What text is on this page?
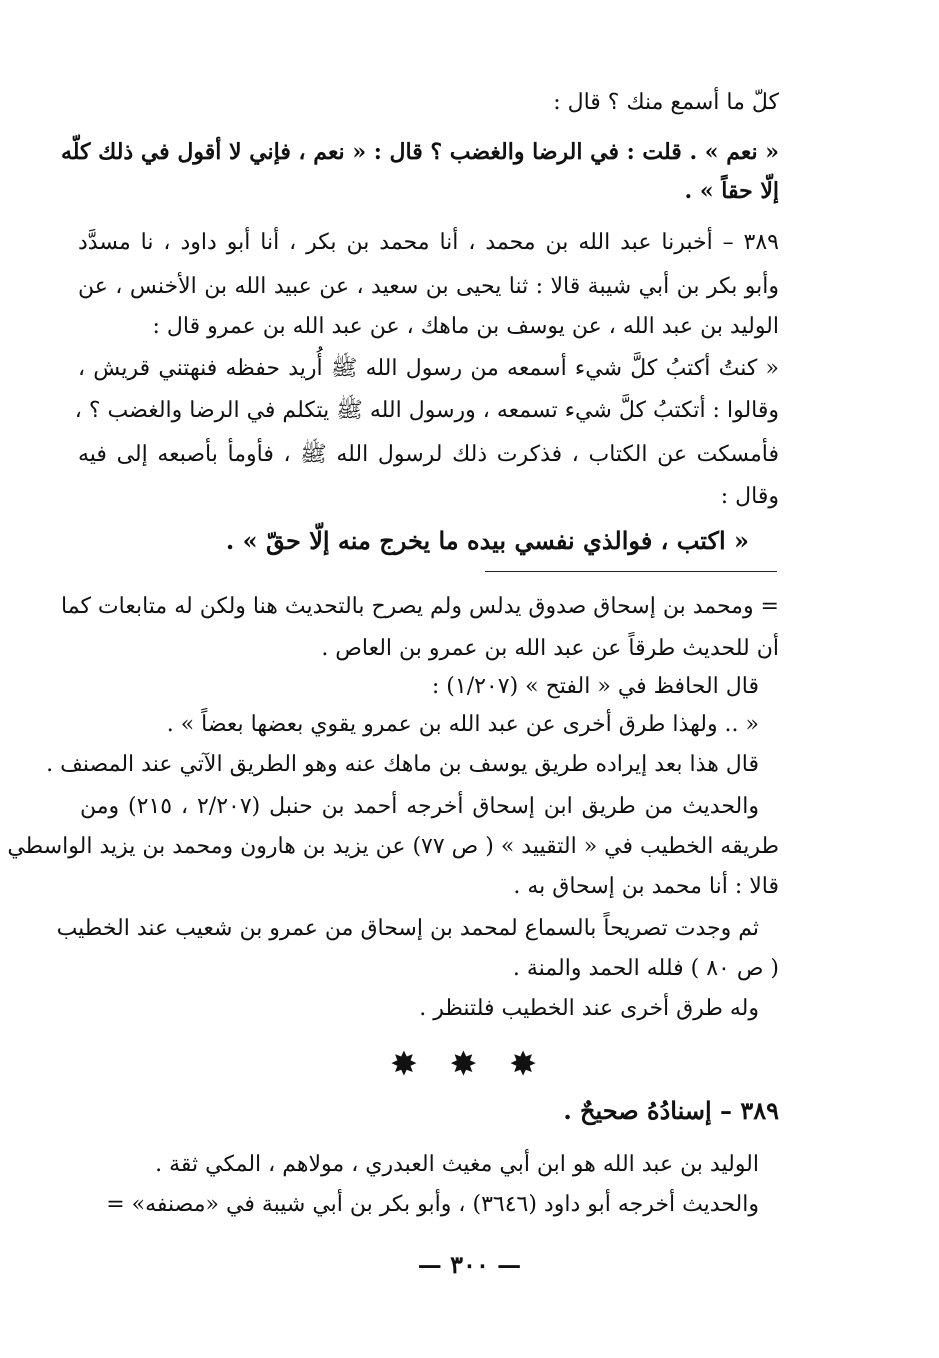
كلّ ما أسمع منك ؟ قال :
« نعم » . قلت : في الرضا والغضب ؟ قال : « نعم ، فإني لا أقول في ذلك كلّه
إلّا حقاً » .
٣٨٩ – أخبرنا عبد الله بن محمد ، أنا محمد بن بكر ، أنا أبو داود ، نا مسدَّد
وأبو بكر بن أبي شيبة قالا : ثنا يحيى بن سعيد ، عن عبيد الله بن الأخنس ، عن
الوليد بن عبد الله ، عن يوسف بن ماهك ، عن عبد الله بن عمرو قال :
« كنتُ أكتبُ كلَّ شيء أسمعه من رسول الله ﷺ أُريد حفظه فنهتني قريش ،
وقالوا : أتكتبُ كلَّ شيء تسمعه ، ورسول الله ﷺ يتكلم في الرضا والغضب ؟ ،
فأمسكت عن الكتاب ، فذكرت ذلك لرسول الله ﷺ ، فأومأ بأصبعه إلى فيه
وقال :
« اكتب ، فوالذي نفسي بيده ما يخرج منه إلّا حقّ » .
= ومحمد بن إسحاق صدوق يدلس ولم يصرح بالتحديث هنا ولكن له متابعات كما
أن للحديث طرقاً عن عبد الله بن عمرو بن العاص .
قال الحافظ في « الفتح » (١/٢٠٧) :
« .. ولهذا طرق أخرى عن عبد الله بن عمرو يقوي بعضها بعضاً » .
قال هذا بعد إيراده طريق يوسف بن ماهك عنه وهو الطريق الآتي عند المصنف .
والحديث من طريق ابن إسحاق أخرجه أحمد بن حنبل (٢/٢٠٧ ، ٢١٥) ومن
طريقه الخطيب في « التقييد » ( ص ٧٧) عن يزيد بن هارون ومحمد بن يزيد الواسطي
قالا : أنا محمد بن إسحاق به .
ثم وجدت تصريحاً بالسماع لمحمد بن إسحاق من عمرو بن شعيب عند الخطيب
( ص ٨٠ ) فلله الحمد والمنة .
وله طرق أخرى عند الخطيب فلتنظر .
✸ ✸ ✸
٣٨٩ – إسنادُهُ صحيحٌ .
الوليد بن عبد الله هو ابن أبي مغيث العبدري ، مولاهم ، المكي ثقة .
والحديث أخرجه أبو داود (٣٦٤٦) ، وأبو بكر بن أبي شيبة في «مصنفه» =
— ٣٠٠ —
